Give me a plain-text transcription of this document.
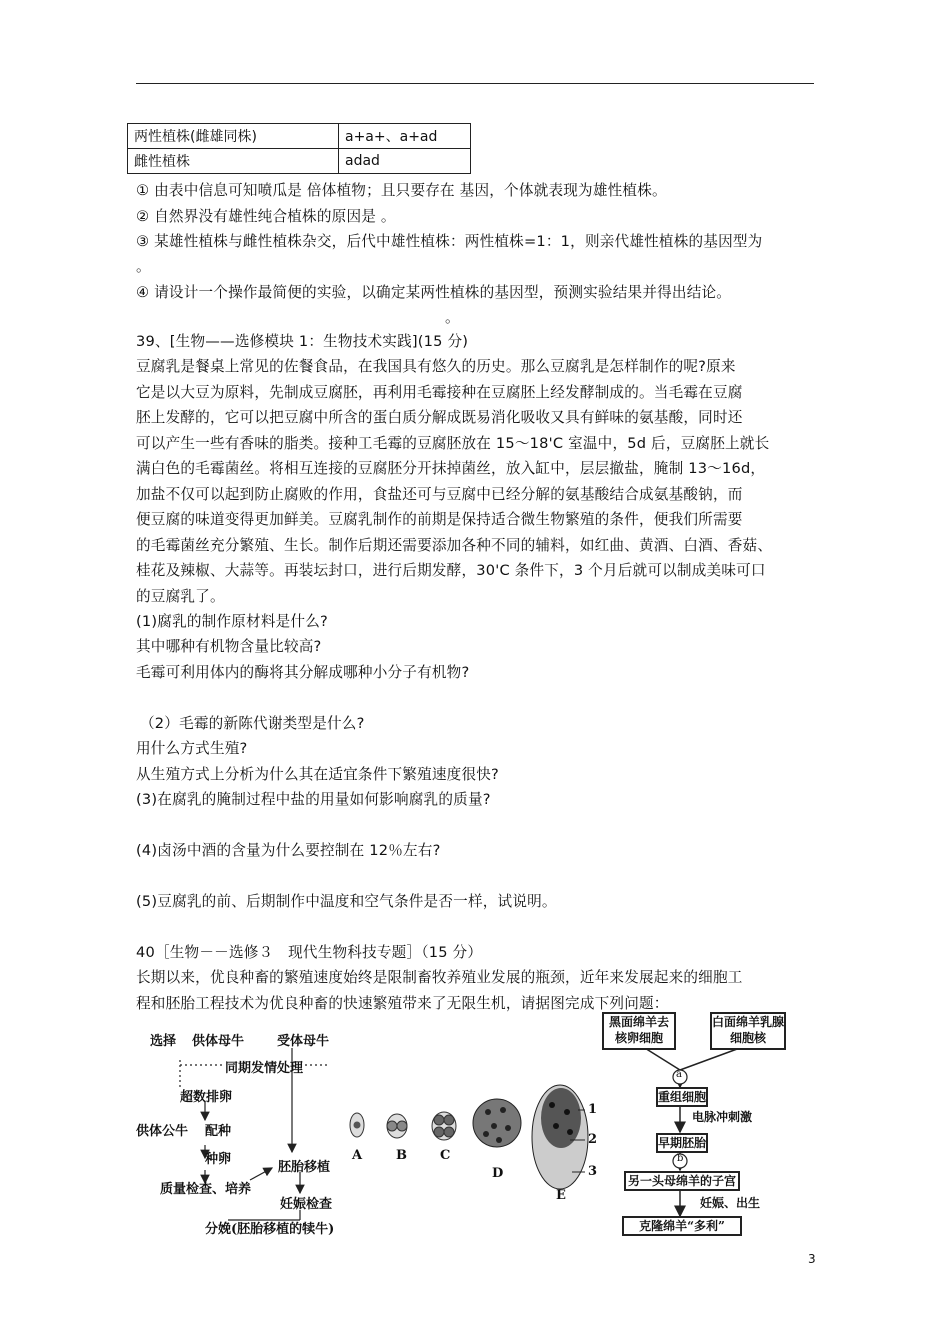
两性植株(雌雄同株)	a+a+、a+ad
雌性植株	adad
① 由表中信息可知喷瓜是 倍体植物；且只要存在 基因，个体就表现为雄性植株。
② 自然界没有雄性纯合植株的原因是 。
③ 某雄性植株与雌性植株杂交，后代中雄性植株：两性植株=1：1，则亲代雄性植株的基因型为
。
④ 请设计一个操作最简便的实验，以确定某两性植株的基因型，预测实验结果并得出结论。
。
39、[生物——选修模块 1：生物技术实践](15 分)
豆腐乳是餐桌上常见的佐餐食品，在我国具有悠久的历史。那么豆腐乳是怎样制作的呢?原来
它是以大豆为原料，先制成豆腐胚，再利用毛霉接种在豆腐胚上经发酵制成的。当毛霉在豆腐
胚上发酵的，它可以把豆腐中所含的蛋白质分解成既易消化吸收又具有鲜味的氨基酸，同时还
可以产生一些有香味的脂类。接种工毛霉的豆腐胚放在 15～18'C 室温中，5d 后，豆腐胚上就长
满白色的毛霉菌丝。将相互连接的豆腐胚分开抹掉菌丝，放入缸中，层层撤盐，腌制 13～16d，
加盐不仅可以起到防止腐败的作用，食盐还可与豆腐中已经分解的氨基酸结合成氨基酸钠，而
便豆腐的味道变得更加鲜美。豆腐乳制作的前期是保持适合微生物繁殖的条件，便我们所需要
的毛霉菌丝充分繁殖、生长。制作后期还需要添加各种不同的辅料，如红曲、黄酒、白酒、香菇、
桂花及辣椒、大蒜等。再装坛封口，进行后期发酵，30'C 条件下，3 个月后就可以制成美味可口
的豆腐乳了。
(1)腐乳的制作原材料是什么?
其中哪种有机物含量比较高?
毛霉可利用体内的酶将其分解成哪种小分子有机物?
（2）毛霉的新陈代谢类型是什么?
用什么方式生殖?
从生殖方式上分析为什么其在适宜条件下繁殖速度很快?
(3)在腐乳的腌制过程中盐的用量如何影响腐乳的质量?
(4)卤汤中酒的含量为什么要控制在 12％左右?
(5)豆腐乳的前、后期制作中温度和空气条件是否一样，试说明。
40［生物－－选修３　现代生物科技专题］（15 分）
长期以来，优良种畜的繁殖速度始终是限制畜牧养殖业发展的瓶颈，近年来发展起来的细胞工
程和胚胎工程技术为优良种畜的快速繁殖带来了无限生机，请据图完成下列问题：
选择 供体母牛	受体母牛
同期发情处理
超数排卵
供体公牛 配种
种卵
胚胎移植
质量检查、培养
妊娠检查
分娩(胚胎移植的犊牛)
A	B	C
D
E
1
2
3
黑面绵羊去核卵细胞
白面绵羊乳腺细胞核
a
重组细胞
电脉冲刺激
早期胚胎
b
另一头母绵羊的子宫
妊娠、出生
克隆绵羊“多利”
3
